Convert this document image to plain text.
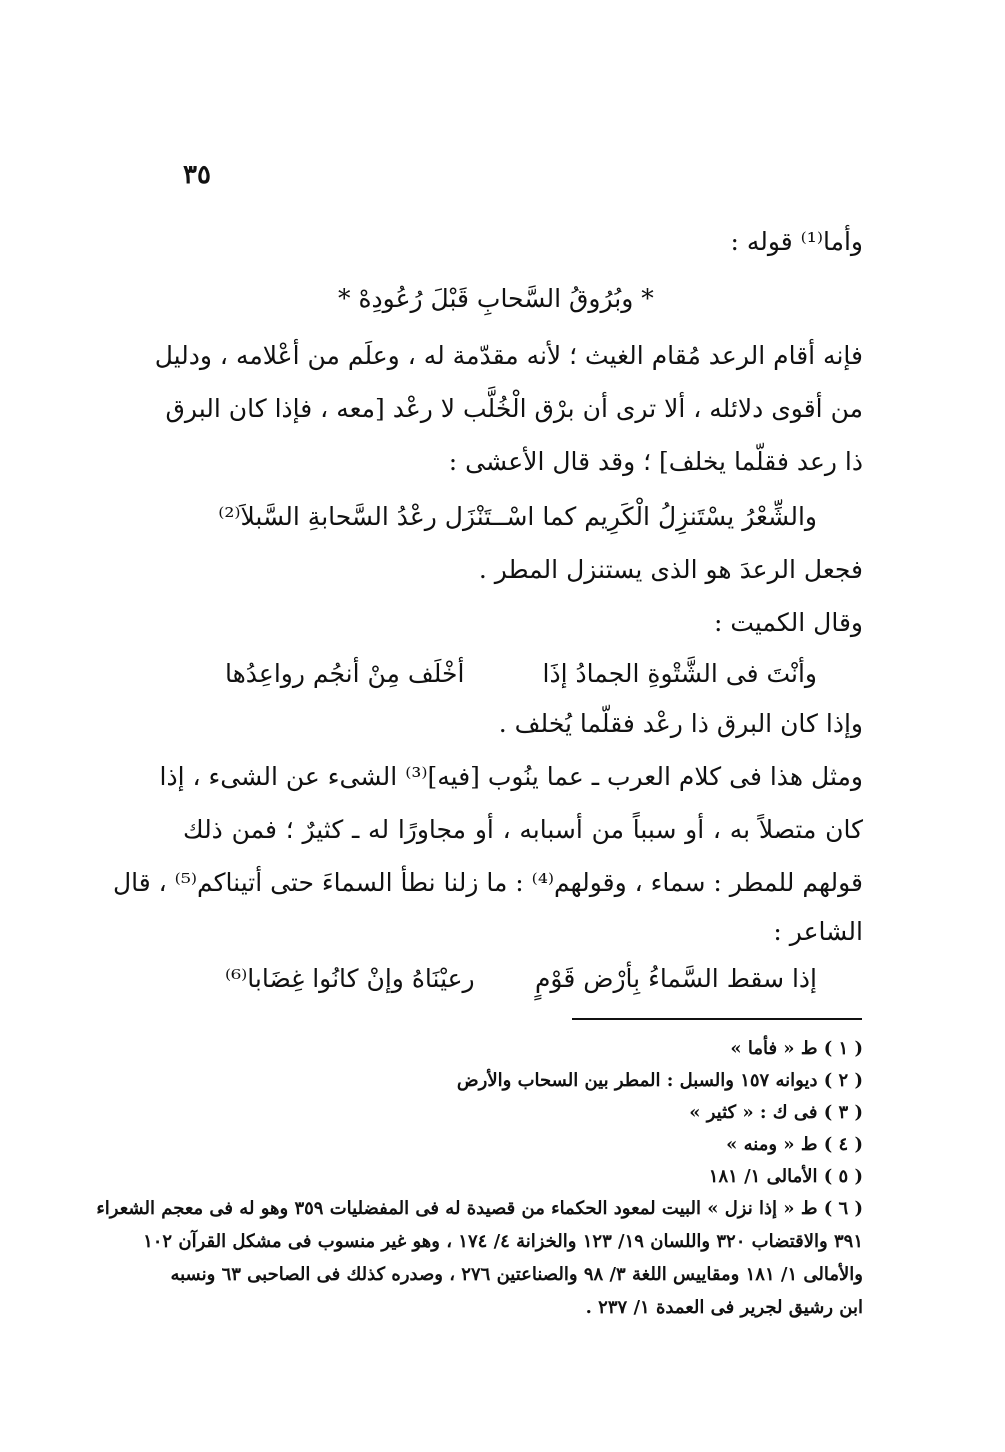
٣٥
وأما⁽¹⁾ قوله :
* وبُرُوقُ السَّحابِ قَبْلَ رُعُودِهْ *
فإنه أقام الرعد مُقام الغيث ؛ لأنه مقدّمة له ، وعلَم من أعْلامه ، ودليل
من أقوى دلائله ، ألا ترى أن برْق الْخُلَّب لا رعْد [معه ، فإذا كان البرق
ذا رعد فقلّما يخلف] ؛ وقد قال الأعشى :
والشِّعْرُ يسْتَنزِلُ الْكَرِيم كما اسْـ
ـتَنْزَل رعْدُ السَّحابةِ السَّبلاَ⁽²⁾
فجعل الرعدَ هو الذى يستنزل المطر .
وقال الكميت :
وأنْتَ فى الشَّتْوةِ الجمادُ إذَا
أخْلَف مِنْ أنجُم رواعِدُها
وإذا كان البرق ذا رعْد فقلّما يُخلف .
ومثل هذا فى كلام العرب ـ عما ينُوب [فيه]⁽³⁾ الشىء عن الشىء ، إذا
كان متصلاً به ، أو سبباً من أسبابه ، أو مجاورًا له ـ كثيرٌ ؛ فمن ذلك
قولهم للمطر : سماء ، وقولهم⁽⁴⁾ : ما زلنا نطأ السماءَ حتى أتيناكم⁽⁵⁾ ، قال
الشاعر :
إذا سقط السَّماءُ بِأرْض قَوْمٍ
رعيْنَاهُ وإنْ كانُوا غِضَابا⁽⁶⁾
( ١ ) ط « فأما »
( ٢ ) ديوانه ١٥٧ والسبل : المطر بين السحاب والأرض
( ٣ ) فى ك : « كثير »
( ٤ ) ط « ومنه »
( ٥ ) الأمالى ١/ ١٨١
( ٦ ) ط « إذا نزل » البيت لمعود الحكماء من قصيدة له فى المفضليات ٣٥٩ وهو له فى معجم الشعراء
٣٩١ والاقتضاب ٣٢٠ واللسان ١٩/ ١٢٣ والخزانة ٤/ ١٧٤ ، وهو غير منسوب فى مشكل القرآن ١٠٢
والأمالى ١/ ١٨١ ومقاييس اللغة ٣/ ٩٨ والصناعتين ٢٧٦ ، وصدره كذلك فى الصاحبى ٦٣ ونسبه
ابن رشيق لجرير فى العمدة ١/ ٢٣٧ .
